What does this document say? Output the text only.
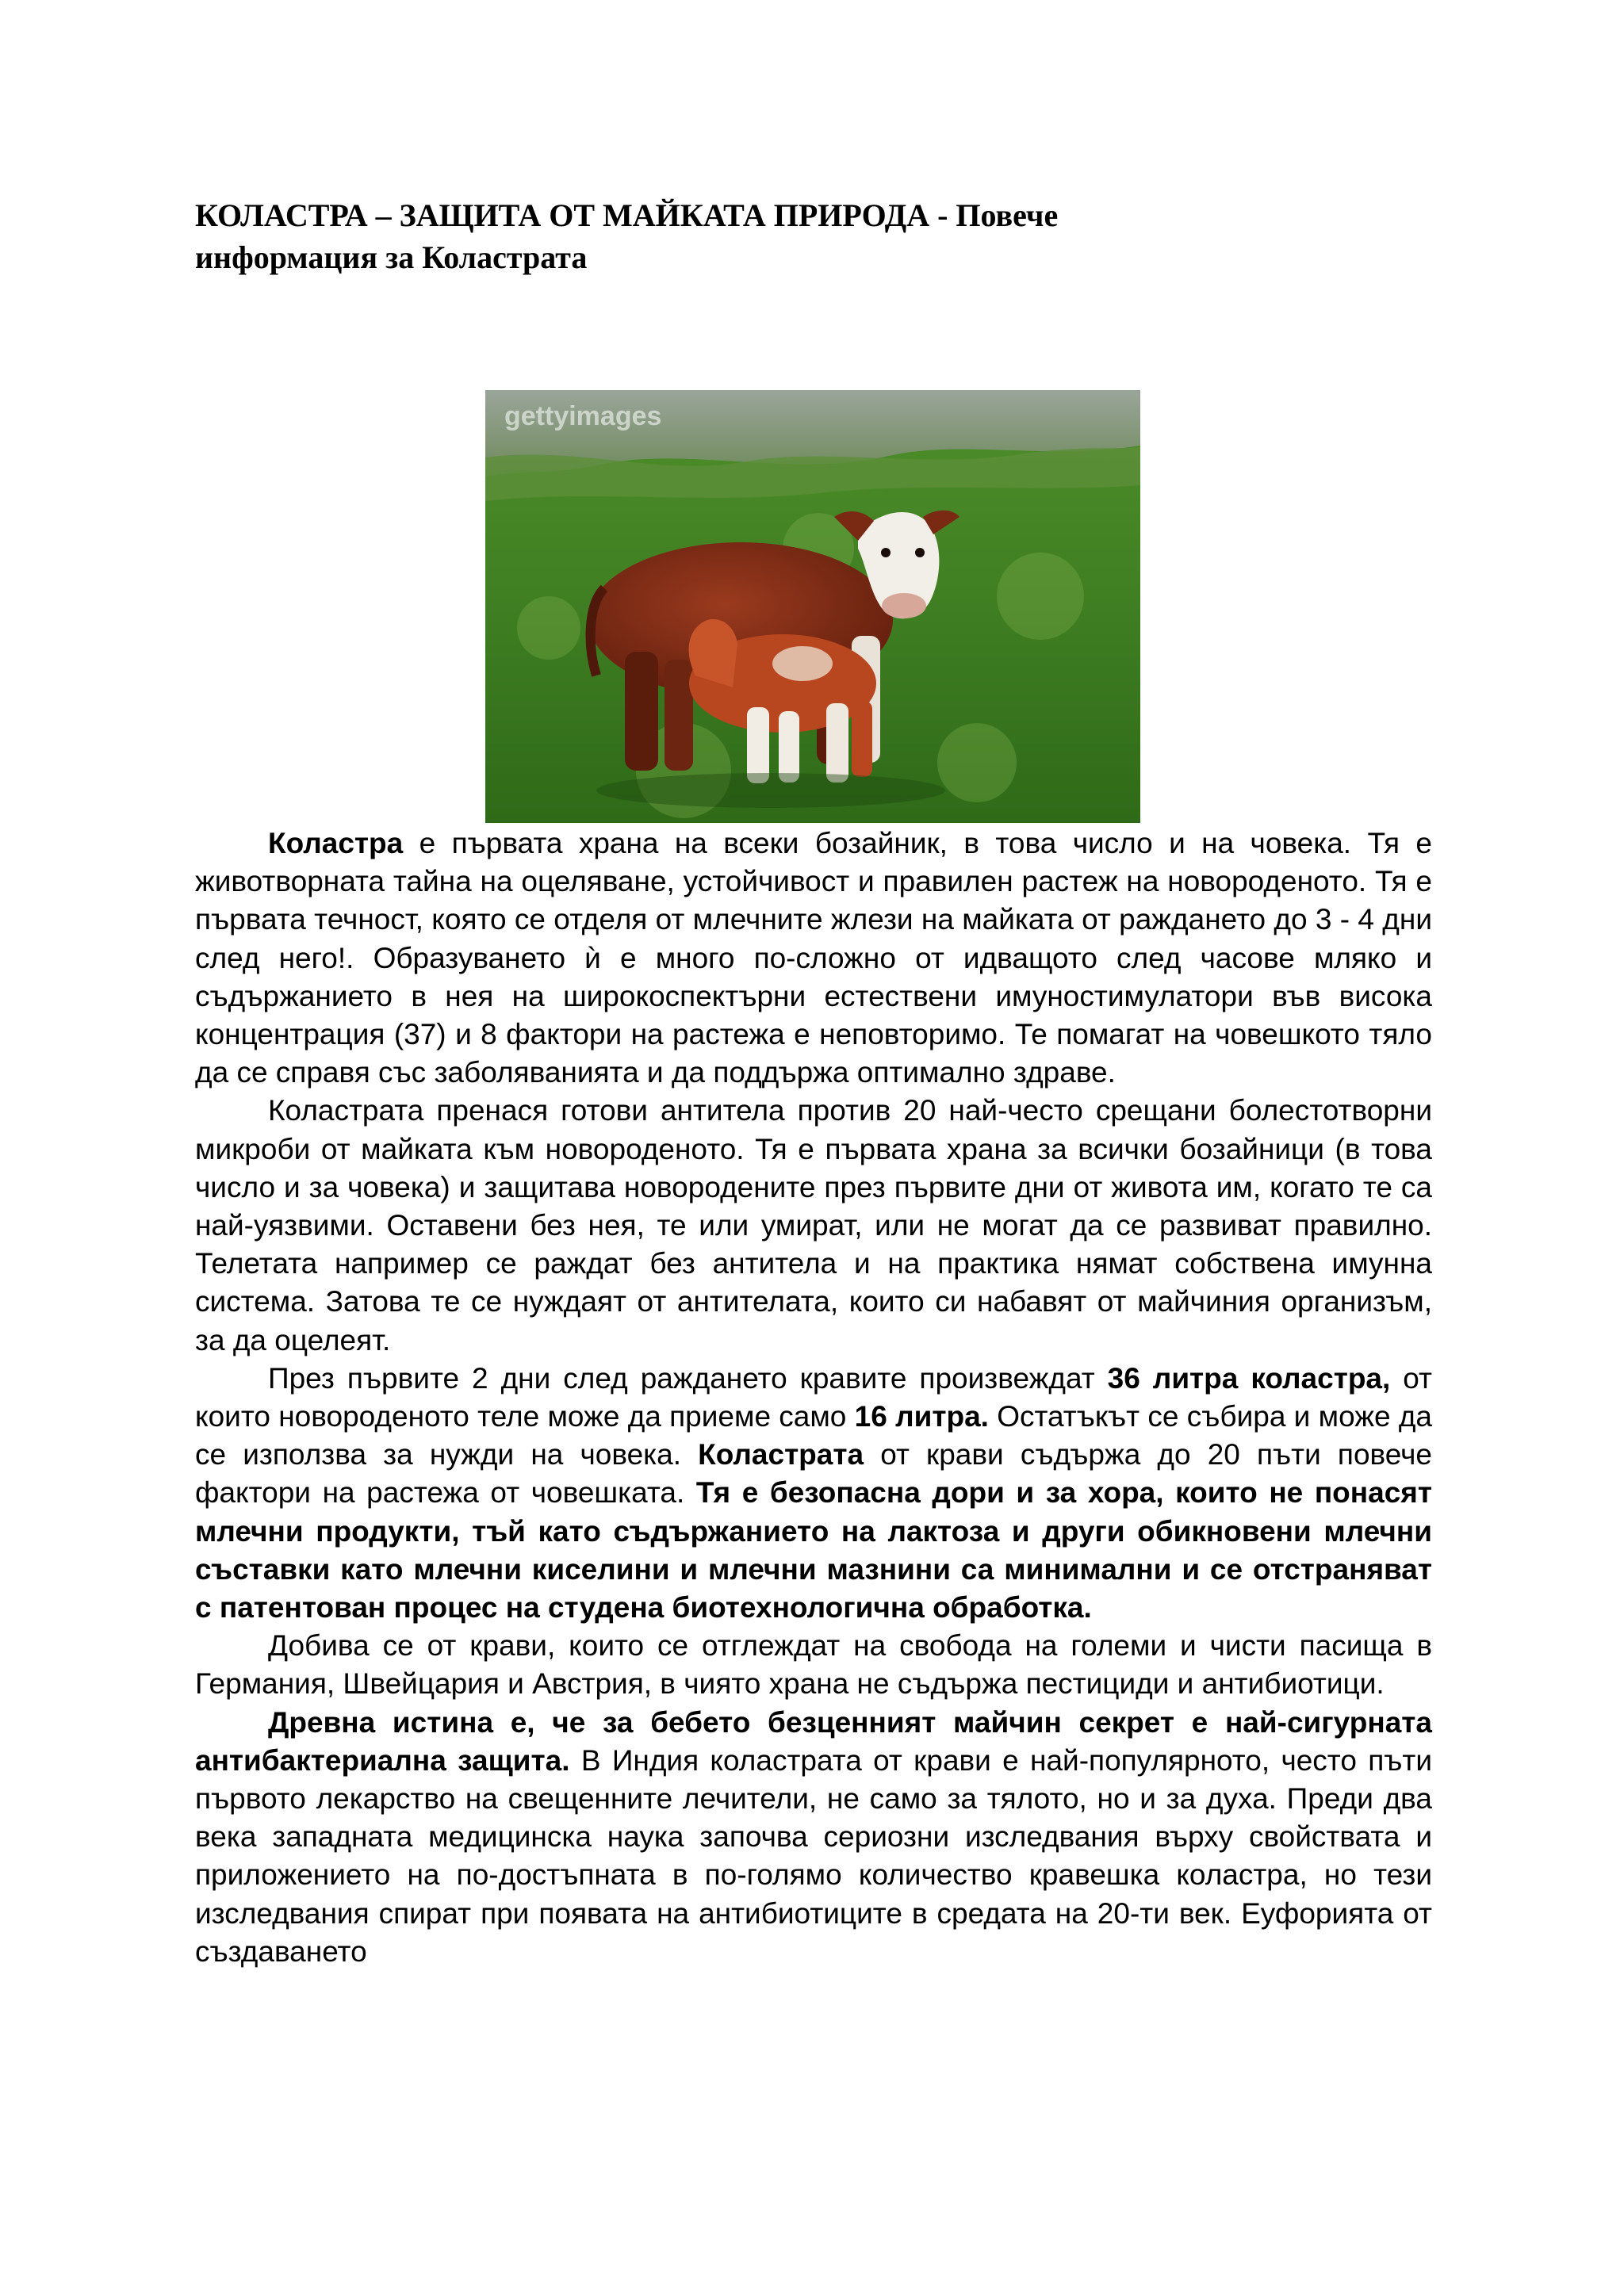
КОЛАСТРА – ЗАЩИТА ОТ МАЙКАТА ПРИРОДА - Повече
информация за Коластрата
gettyimages

Коластра е първата храна на всеки бозайник, в това число и на човека. Тя е животворната тайна на оцеляване, устойчивост и правилен растеж на новороденото. Тя е първата течност, която се отделя от млечните жлези на майката от раждането до 3 - 4 дни след него!. Образуването ѝ е много по-сложно от идващото след часове мляко и съдържанието в нея на широкоспектърни естествени имуностимулатори във висока концентрация (37) и 8 фактори на растежа е неповторимо. Те помагат на човешкото тяло да се справя със заболяванията и да поддържа оптимално здраве.

Коластрата пренася готови антитела против 20 най-често срещани болестотворни микроби от майката към новороденото. Тя е първата храна за всички бозайници (в това число и за човека) и защитава новородените през първите дни от живота им, когато те са най-уязвими. Оставени без нея, те или умират, или не могат да се развиват правилно. Телетата например се раждат без антитела и на практика нямат собствена имунна система. Затова те се нуждаят от антителата, които си набавят от майчиния организъм, за да оцелеят.

През първите 2 дни след раждането кравите произвеждат 36 литра коластра, от които новороденото теле може да приеме само 16 литра. Остатъкът се събира и може да се използва за нужди на човека. Коластрата от крави съдържа до 20 пъти повече фактори на растежа от човешката. Тя е безопасна дори и за хора, които не понасят млечни продукти, тъй като съдържанието на лактоза и други обикновени млечни съставки като млечни киселини и млечни мазнини са минимални и се отстраняват с патентован процес на студена биотехнологична обработка.

Добива се от крави, които се отглеждат на свобода на големи и чисти пасища в Германия, Швейцария и Австрия, в чиято храна не съдържа пестициди и антибиотици.

Древна истина е, че за бебето безценният майчин секрет е най-сигурната антибактериална защита. В Индия коластрата от крави е най-популярното, често пъти първото лекарство на свещенните лечители, не само за тялото, но и за духа. Преди два века западната медицинска наука започва сериозни изследвания върху свойствата и приложението на по-достъпната в по-голямо количество кравешка коластра, но тези изследвания спират при появата на антибиотиците в средата на 20-ти век. Еуфорията от създаването
